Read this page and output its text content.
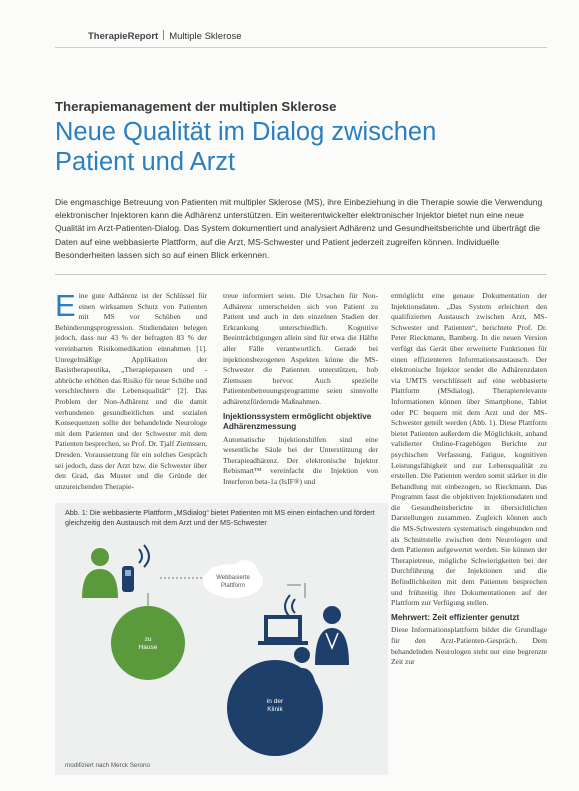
TherapieReport Multiple Sklerose
Therapiemanagement der multiplen Sklerose
Neue Qualität im Dialog zwischen
Patient und Arzt
Die engmaschige Betreuung von Patienten mit multipler Sklerose (MS), ihre Einbeziehung in die Therapie sowie die Verwendung elektronischer Injektoren kann die Adhärenz unterstützen. Ein weiterentwickelter elektronischer Injektor bietet nun eine neue Qualität im Arzt-Patienten-Dialog. Das System dokumentiert und analysiert Adhärenz und Gesundheitsberichte und überträgt die Daten auf eine webbasierte Plattform, auf die Arzt, MS-Schwester und Patient jederzeit zugreifen können. Individuelle Besonderheiten lassen sich so auf einen Blick erkennen.
E ine gute Adhärenz ist der Schlüssel für einen wirksamen Schutz von Patienten mit MS vor Schüben und Behinderungsprogression. Studiendaten belegen jedoch, dass nur 43 % der befragten 83 % der vereinbarten Risikomedikation einnahmen [1]. Unregelmäßige Applikation der Basistherapeutika, „Therapiepausen und -abbrüche erhöhen das Risiko für neue Schübe und verschlechtern die Lebensqualität“ [2]. Das Problem der Non-Adhärenz und die damit verbundenen gesundheitlichen und sozialen Konsequenzen sollte der behandelnde Neurologe mit dem Patienten und der Schwester mit dem Patienten besprechen, so Prof. Dr. Tjalf Ziemssen, Dresden. Voraussetzung für ein solches Gespräch sei jedoch, dass der Arzt bzw. die Schwester über den Grad, das Muster und die Gründe der unzureichenden Therapie-

treue informiert seien. Die Ursachen für Non-Adhärenz unterscheiden sich von Patient zu Patient und auch in den einzelnen Stadien der Erkrankung unterschiedlich. Kognitive Beeinträchtigungen allein sind für etwa die Hälfte aller Fälle verantwortlich. Gerade bei injektionsbezogenen Aspekten könne die MS-Schwester die Patienten unterstützen, hob Ziemssen hervor. Auch spezielle Patientenbetreuungsprogramme seien sinnvolle adhärenzfördernde Maßnahmen.

Injektionssystem ermöglicht objektive Adhärenzmessung

Automatische Injektionshilfen sind eine wesentliche Säule bei der Unterstützung der Therapieadhärenz. Der elektronische Injektor Rebismart™ vereinfacht die Injektion von Interferon beta-1a (IsIF®) und

ermöglicht eine genaue Dokumentation der Injektionsdaten. „Das System erleichtert den qualifizierten Austausch zwischen Arzt, MS-Schwester und Patienten“, berichtete Prof. Dr. Peter Rieckmann, Bamberg. In die neuen Version verfügt das Gerät über erweiterte Funktionen für einen effizienteren Informationsaustausch. Der elektronische Injektor sendet die Adhärenzdaten via UMTS verschlüsselt auf eine webbasierte Plattform (MSdialog). Therapierelevante Informationen können über Smartphone, Tablet oder PC bequem mit dem Arzt und der MS-Schwester geteilt werden (Abb. 1). Diese Plattform bietet Patienten außerdem die Möglichkeit, anhand validierter Online-Fragebögen Berichte zur psychischen Verfassung, Fatigue, kognitiven Leistungsfähigkeit und zur Lebensqualität zu erstellen. Die Patienten werden somit stärker in die Behandlung mit einbezogen, so Rieckmann. Das Programm fasst die objektiven Injektionsdaten und die Gesundheitsberichte in übersichtlichen Darstellungen zusammen. Zugleich können auch die MS-Schwestern systematisch eingebunden und als Schnittstelle zwischen dem Neurologen und dem Patienten aufgewertet werden. Sie können der Therapietreue, mögliche Schwierigkeiten bei der Durchführung der Injektionen und die Befindlichkeiten mit dem Patienten besprechen und frühzeitig ihre Dokumentationen auf der Plattform zur Verfügung stellen.

Mehrwert: Zeit effizienter genutzt

Diese Informationsplattform bildet die Grundlage für den Arzt-Patienten-Gespräch. Dem behandelnden Neurologen steht nur eine begrenzte Zeit zur

Abb. 1: Die webbasierte Plattform „MSdialog“ bietet Patienten mit MS einen einfachen und fördert gleichzeitig den Austausch mit dem Arzt und der MS-Schwester
zu
Hause
Webbasierte
Plattform
in der
Klinik
modifiziert nach Merck Serono
